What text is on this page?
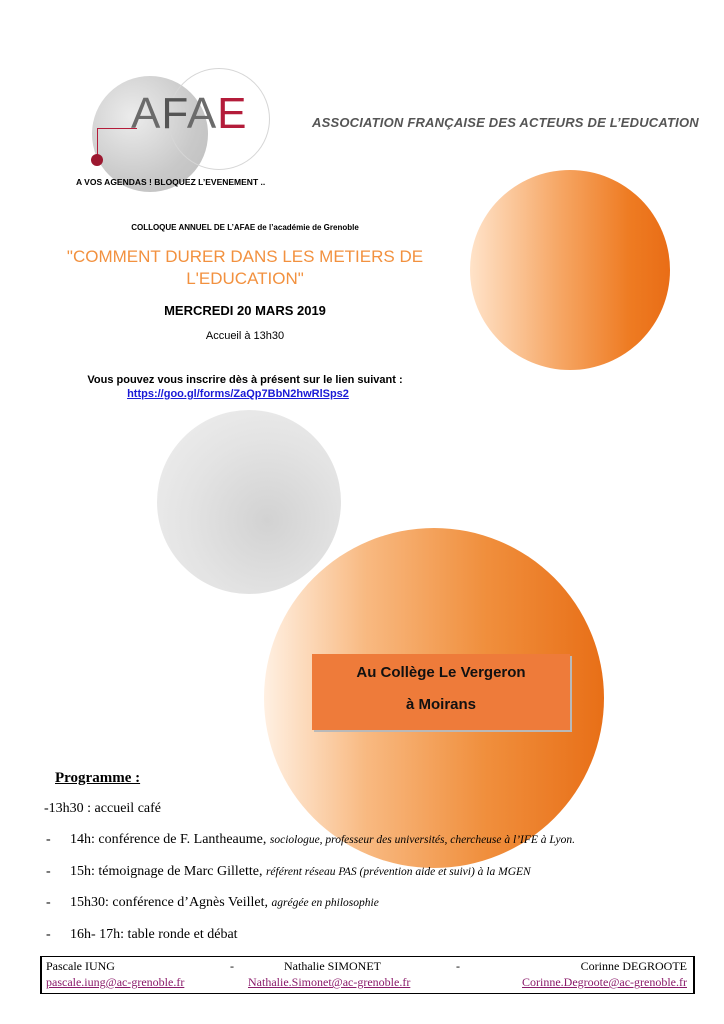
AFAE	ASSOCIATION FRANÇAISE DES ACTEURS DE L’EDUCATION
A VOS AGENDAS ! BLOQUEZ L’EVENEMENT ..
COLLOQUE ANNUEL DE L’AFAE de l’académie de Grenoble
"COMMENT DURER DANS LES METIERS DE
L'EDUCATION"
MERCREDI 20 MARS 2019
Accueil à 13h30
Vous pouvez vous inscrire dès à présent sur le lien suivant :
https://goo.gl/forms/ZaQp7BbN2hwRlSps2
Au Collège Le Vergeron
à Moirans
Programme :
-13h30 : accueil café
- 14h: conférence de F. Lantheaume, sociologue, professeur des universités, chercheuse à l’IFE à Lyon.
- 15h: témoignage de Marc Gillette, référent réseau PAS (prévention aide et suivi) à la MGEN
- 15h30: conférence d’Agnès Veillet, agrégée en philosophie
- 16h- 17h: table ronde et débat
Pascale IUNG	-	Nathalie SIMONET	-	Corinne DEGROOTE
pascale.iung@ac-grenoble.fr	Nathalie.Simonet@ac-grenoble.fr	Corinne.Degroote@ac-grenoble.fr
